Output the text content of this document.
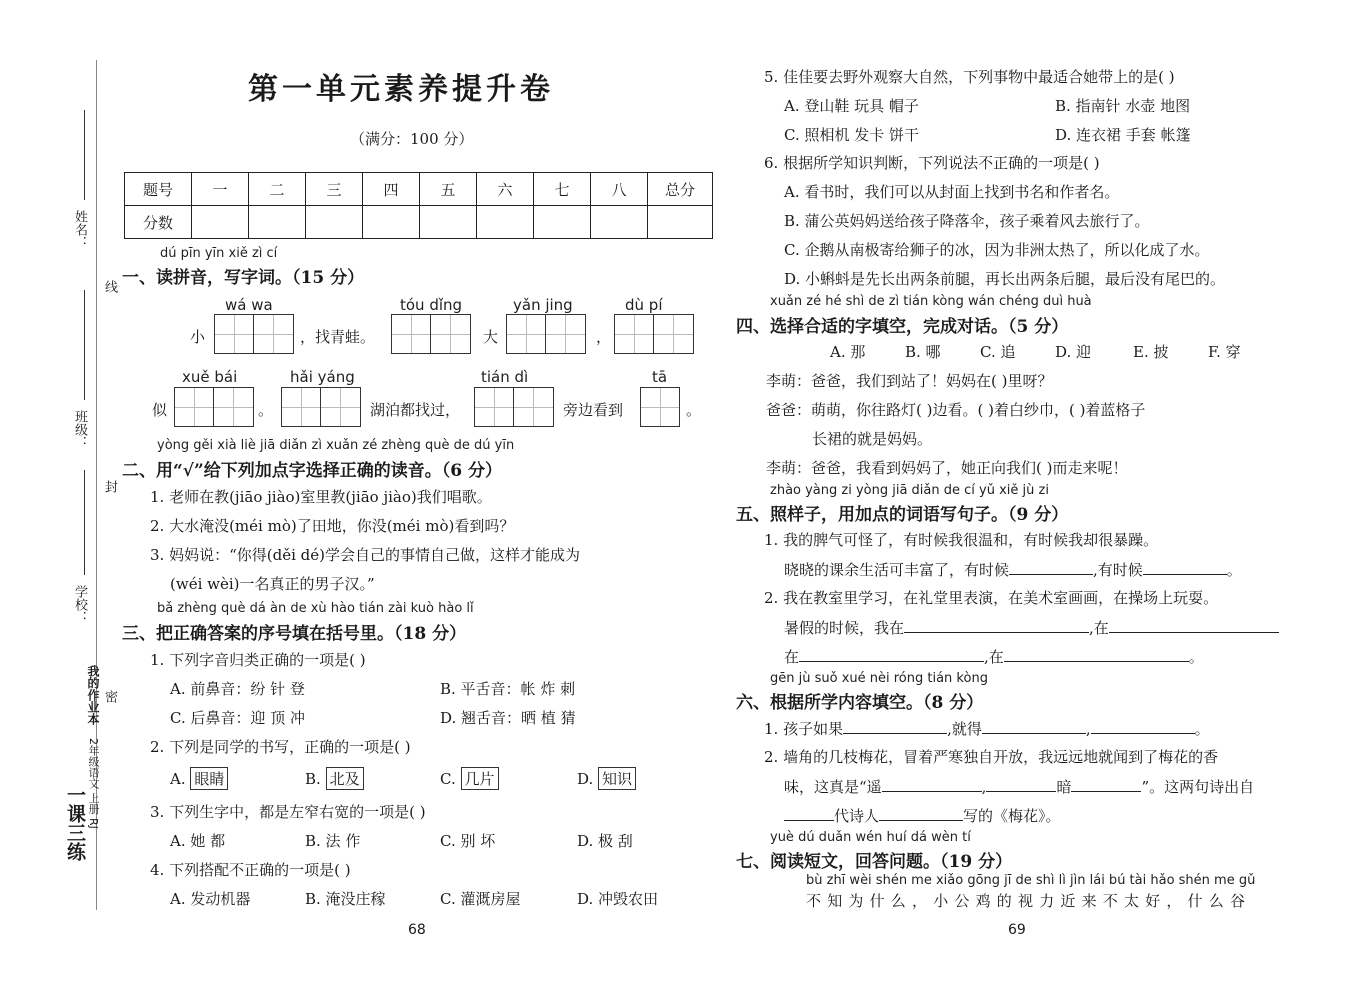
姓名：
线
班级：
封
学校：
密
一课三练
我的作业本
2年级语文 上册 RJ
第一单元素养提升卷
（满分：100 分）
题号	一	二	三	四	五	六	七	八	总分
分数									
dú pīn yīn xiě zì cí
一、读拼音，写字词。（15 分）
wá wa	tóu dǐng	yǎn jing	dù pí
小	，找青蛙。	大	，
xuě bái	hǎi yáng	tián dì	tā
似	。	湖泊都找过，	旁边看到	。
yòng gěi xià liè jiā diǎn zì xuǎn zé zhèng què de dú yīn
二、用“√”给下列加点字选择正确的读音。（6 分）
1. 老师在教(jiāo jiào)室里教(jiāo jiào)我们唱歌。
2. 大水淹没(méi mò)了田地，你没(méi mò)看到吗？
3. 妈妈说：“你得(děi dé)学会自己的事情自己做，这样才能成为
(wéi wèi)一名真正的男子汉。”
bǎ zhèng què dá àn de xù hào tián zài kuò hào lǐ
三、把正确答案的序号填在括号里。（18 分）
1. 下列字音归类正确的一项是( )
A. 前鼻音：纷 针 登	B. 平舌音：帐 炸 刺
C. 后鼻音：迎 顶 冲	D. 翘舌音：晒 植 猜
2. 下列是同学的书写，正确的一项是( )
A. 眼睛	B. 北及	C. 几片	D. 知识
3. 下列生字中，都是左窄右宽的一项是( )
A. 她 都	B. 法 作	C. 别 坏	D. 极 刮
4. 下列搭配不正确的一项是( )
A. 发动机器	B. 淹没庄稼	C. 灌溉房屋	D. 冲毁农田
68
5. 佳佳要去野外观察大自然，下列事物中最适合她带上的是( )
A. 登山鞋 玩具 帽子	B. 指南针 水壶 地图
C. 照相机 发卡 饼干	D. 连衣裙 手套 帐篷
6. 根据所学知识判断，下列说法不正确的一项是( )
A. 看书时，我们可以从封面上找到书名和作者名。
B. 蒲公英妈妈送给孩子降落伞，孩子乘着风去旅行了。
C. 企鹅从南极寄给狮子的冰，因为非洲太热了，所以化成了水。
D. 小蝌蚪是先长出两条前腿，再长出两条后腿，最后没有尾巴的。
xuǎn zé hé shì de zì tián kòng wán chéng duì huà
四、选择合适的字填空，完成对话。（5 分）
A. 那	B. 哪	C. 追	D. 迎	E. 披	F. 穿
李萌：爸爸，我们到站了！妈妈在( )里呀？
爸爸：萌萌，你往路灯( )边看。( )着白纱巾，( )着蓝格子
长裙的就是妈妈。
李萌：爸爸，我看到妈妈了，她正向我们( )而走来呢！
zhào yàng zi yòng jiā diǎn de cí yǔ xiě jù zi
五、照样子，用加点的词语写句子。（9 分）
1. 我的脾气可怪了，有时候我很温和，有时候我却很暴躁。
晓晓的课余生活可丰富了，有时候	,有时候	。
2. 我在教室里学习，在礼堂里表演，在美术室画画，在操场上玩耍。
暑假的时候，我在	,在
在	,在	。
gēn jù suǒ xué nèi róng tián kòng
六、根据所学内容填空。（8 分）
1. 孩子如果	,就得	,	。
2. 墙角的几枝梅花，冒着严寒独自开放，我远远地就闻到了梅花的香
味，这真是“遥	,	暗	”。这两句诗出自
代诗人	写的《梅花》。
yuè dú duǎn wén huí dá wèn tí
七、阅读短文，回答问题。（19 分）
bù zhī wèi shén me xiǎo gōng jī de shì lì jìn lái bú tài hǎo shén me gǔ
不知为什么，小公鸡的视力近来不太好，什么谷
69
